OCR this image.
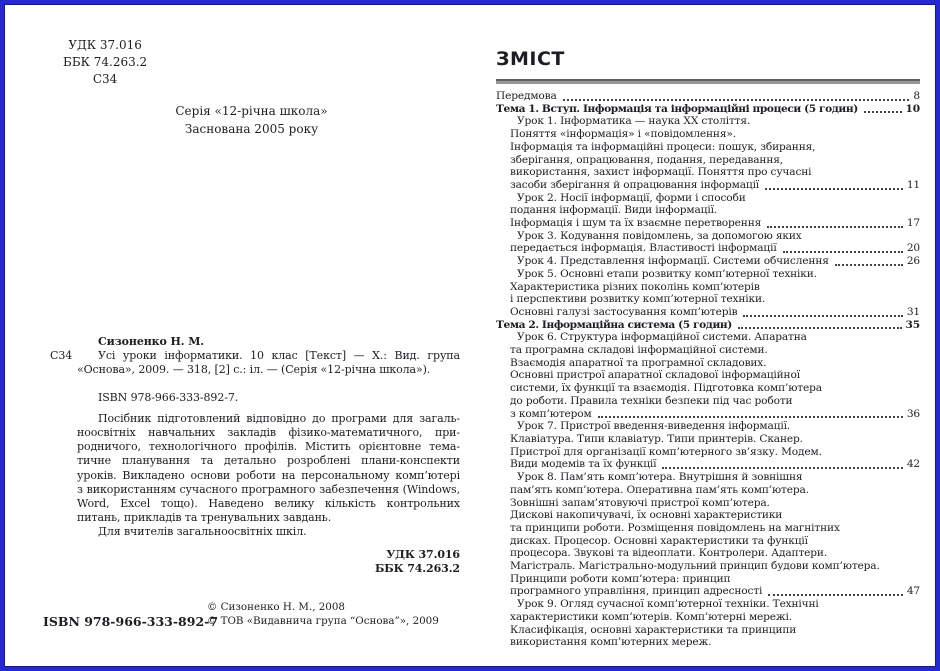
УДК 37.016
ББК 74.263.2
С34
Серія «12-річна школа»
Заснована 2005 року
С34
Сизоненко Н. М.
Усі уроки інформатики. 10 клас [Текст] — Х.: Вид. група
«Основа», 2009. — 318, [2] с.: іл. — (Серія «12-річна школа»).
ISBN 978-966-333-892-7.
Посібник підготовлений відповідно до програми для загаль-
ноосвітніх навчальних закладів фізико-математичного, при-
родничого, технологічного профілів. Містить орієнтовне тема-
тичне планування та детально розроблені плани-конспекти
уроків. Викладено основи роботи на персональному комп’ютері
з використанням сучасного програмного забезпечення (Windows,
Word, Excel тощо). Наведено велику кількість контрольних
питань, прикладів та тренувальних завдань.
Для вчителів загальноосвітніх шкіл.
УДК 37.016
ББК 74.263.2
ISBN 978-966-333-892-7
© Сизоненко Н. М., 2008
© ТОВ «Видавнича група “Основа”», 2009
ЗМІСТ
Передмова	8
Тема 1. Вступ. Інформація та інформаційні процеси (5 годин)	10
Урок 1. Інформатика — наука ХХ століття.
Поняття «інформація» і «повідомлення».
Інформація та інформаційні процеси: пошук, збирання,
зберігання, опрацювання, подання, передавання,
використання, захист інформації. Поняття про сучасні
засоби зберігання й опрацювання інформації	11
Урок 2. Носії інформації, форми і способи
подання інформації. Види інформації.
Інформація і шум та їх взаємне перетворення	17
Урок 3. Кодування повідомлень, за допомогою яких
передається інформація. Властивості інформації	20
Урок 4. Представлення інформації. Системи обчислення	26
Урок 5. Основні етапи розвитку комп’ютерної техніки.
Характеристика різних поколінь комп’ютерів
і перспективи розвитку комп’ютерної техніки.
Основні галузі застосування комп’ютерів	31
Тема 2. Інформаційна система (5 годин)	35
Урок 6. Структура інформаційної системи. Апаратна
та програмна складові інформаційної системи.
Взаємодія апаратної та програмної складових.
Основні пристрої апаратної складової інформаційної
системи, їх функції та взаємодія. Підготовка комп’ютера
до роботи. Правила техніки безпеки під час роботи
з комп’ютером	36
Урок 7. Пристрої введення-виведення інформації.
Клавіатура. Типи клавіатур. Типи принтерів. Сканер.
Пристрої для організації комп’ютерного зв’язку. Модем.
Види модемів та їх функції	42
Урок 8. Пам’ять комп’ютера. Внутрішня й зовнішня
пам’ять комп’ютера. Оперативна пам’ять комп’ютера.
Зовнішні запам’ятовуючі пристрої комп’ютера.
Дискові накопичувачі, їх основні характеристики
та принципи роботи. Розміщення повідомлень на магнітних
дисках. Процесор. Основні характеристики та функції
процесора. Звукові та відеоплати. Контролери. Адаптери.
Магістраль. Магістрально-модульний принцип будови комп’ютера.
Принципи роботи комп’ютера: принцип
програмного управління, принцип адресності	47
Урок 9. Огляд сучасної комп’ютерної техніки. Технічні
характеристики комп’ютерів. Комп’ютерні мережі.
Класифікація, основні характеристики та принципи
використання комп’ютерних мереж.
